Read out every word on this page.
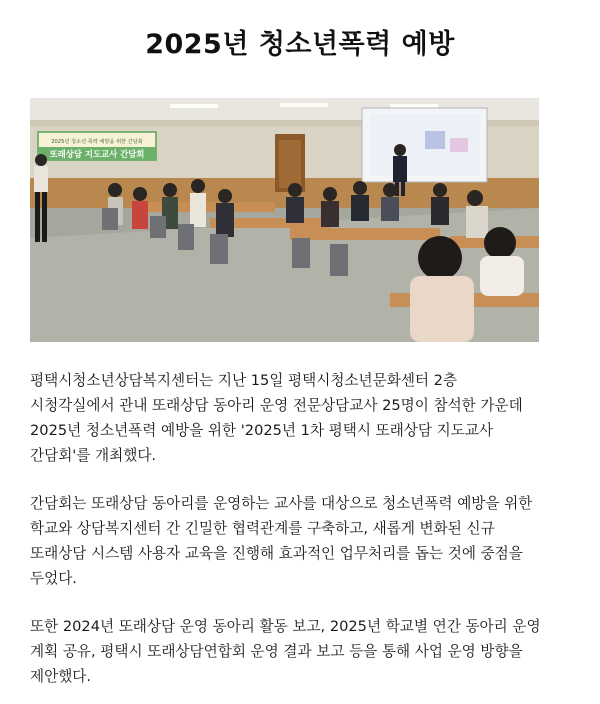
2025년 청소년폭력 예방
2025년 청소년 폭력 예방을 위한 간담회
또래상담 지도교사 간담회

평택시청소년상담복지센터는 지난 15일 평택시청소년문화센터 2층 시청각실에서 관내 또래상담 동아리 운영 전문상담교사 25명이 참석한 가운데 2025년 청소년폭력 예방을 위한 '2025년 1차 평택시 또래상담 지도교사 간담회'를 개최했다.

간담회는 또래상담 동아리를 운영하는 교사를 대상으로 청소년폭력 예방을 위한 학교와 상담복지센터 간 긴밀한 협력관계를 구축하고, 새롭게 변화된 신규 또래상담 시스템 사용자 교육을 진행해 효과적인 업무처리를 돕는 것에 중점을 두었다.

또한 2024년 또래상담 운영 동아리 활동 보고, 2025년 학교별 연간 동아리 운영 계획 공유, 평택시 또래상담연합회 운영 결과 보고 등을 통해 사업 운영 방향을 제안했다.
